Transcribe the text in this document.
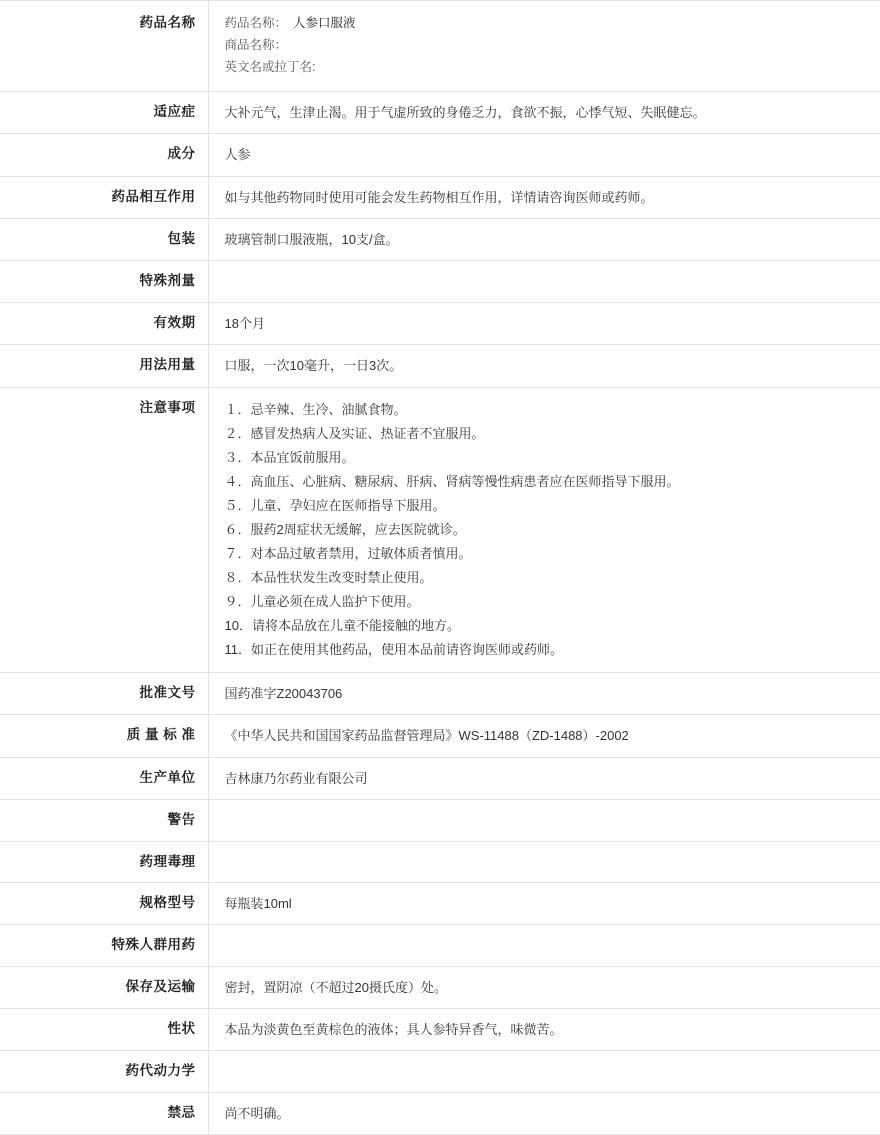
药品名称	药品名称： 人参口服液
商品名称：
英文名或拉丁名:

适应症	大补元气，生津止渴。用于气虚所致的身倦乏力，食欲不振，心悸气短、失眠健忘。
成分	人参
药品相互作用	如与其他药物同时使用可能会发生药物相互作用，详情请咨询医师或药师。
包装	玻璃管制口服液瓶，10支/盒。
特殊剂量	
有效期	18个月
用法用量	口服，一次10毫升，一日3次。
注意事项	１．忌辛辣、生冷、油腻食物。
２．感冒发热病人及实证、热证者不宜服用。
３．本品宜饭前服用。
４．高血压、心脏病、糖尿病、肝病、肾病等慢性病患者应在医师指导下服用。
５．儿童、孕妇应在医师指导下服用。
６．服药2周症状无缓解，应去医院就诊。
７．对本品过敏者禁用，过敏体质者慎用。
８．本品性状发生改变时禁止使用。
９．儿童必须在成人监护下使用。
10．请将本品放在儿童不能接触的地方。
11．如正在使用其他药品，使用本品前请咨询医师或药师。

批准文号	国药准字Z20043706
质 量 标 准	《中华人民共和国国家药品监督管理局》WS-11488（ZD-1488）-2002
生产单位	吉林康乃尔药业有限公司
警告	
药理毒理	
规格型号	每瓶装10ml
特殊人群用药	
保存及运输	密封，置阴凉（不超过20摄氏度）处。
性状	本品为淡黄色至黄棕色的液体；具人参特异香气，味微苦。
药代动力学	
禁忌	尚不明确。
